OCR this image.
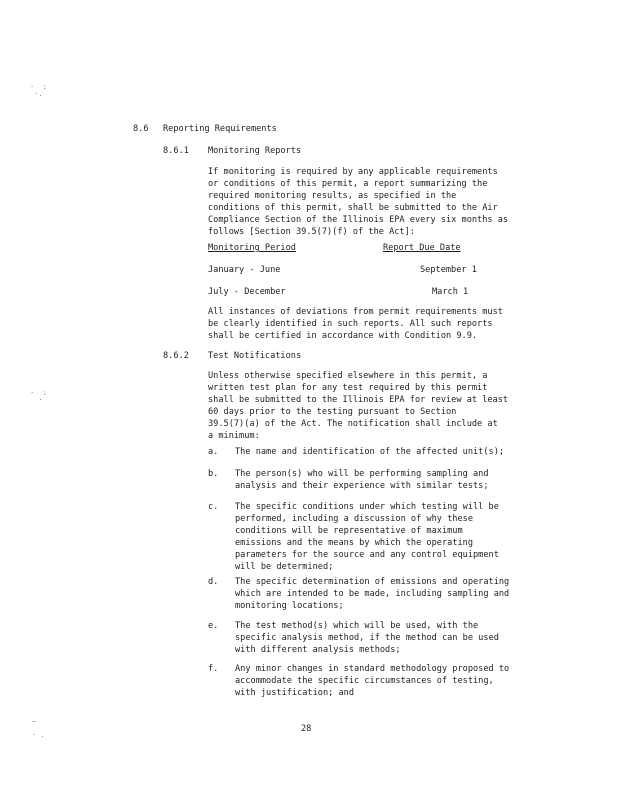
·  :
·.
·  :
·
—

· .
8.6 Reporting Requirements
8.6.1 Monitoring Reports
If monitoring is required by any applicable requirements
or conditions of this permit, a report summarizing the
required monitoring results, as specified in the
conditions of this permit, shall be submitted to the Air
Compliance Section of the Illinois EPA every six months as
follows [Section 39.5(7)(f) of the Act]:
Monitoring Period	Report Due Date
January - June	September 1
July - December	March 1
All instances of deviations from permit requirements must
be clearly identified in such reports. All such reports
shall be certified in accordance with Condition 9.9.
8.6.2 Test Notifications
Unless otherwise specified elsewhere in this permit, a
written test plan for any test required by this permit
shall be submitted to the Illinois EPA for review at least
60 days prior to the testing pursuant to Section
39.5(7)(a) of the Act. The notification shall include at
a minimum:
a. The name and identification of the affected unit(s);
b. The person(s) who will be performing sampling and
analysis and their experience with similar tests;
c. The specific conditions under which testing will be
performed, including a discussion of why these
conditions will be representative of maximum
emissions and the means by which the operating
parameters for the source and any control equipment
will be determined;
d. The specific determination of emissions and operating
which are intended to be made, including sampling and
monitoring locations;
e. The test method(s) which will be used, with the
specific analysis method, if the method can be used
with different analysis methods;
f. Any minor changes in standard methodology proposed to
accommodate the specific circumstances of testing,
with justification; and
28
